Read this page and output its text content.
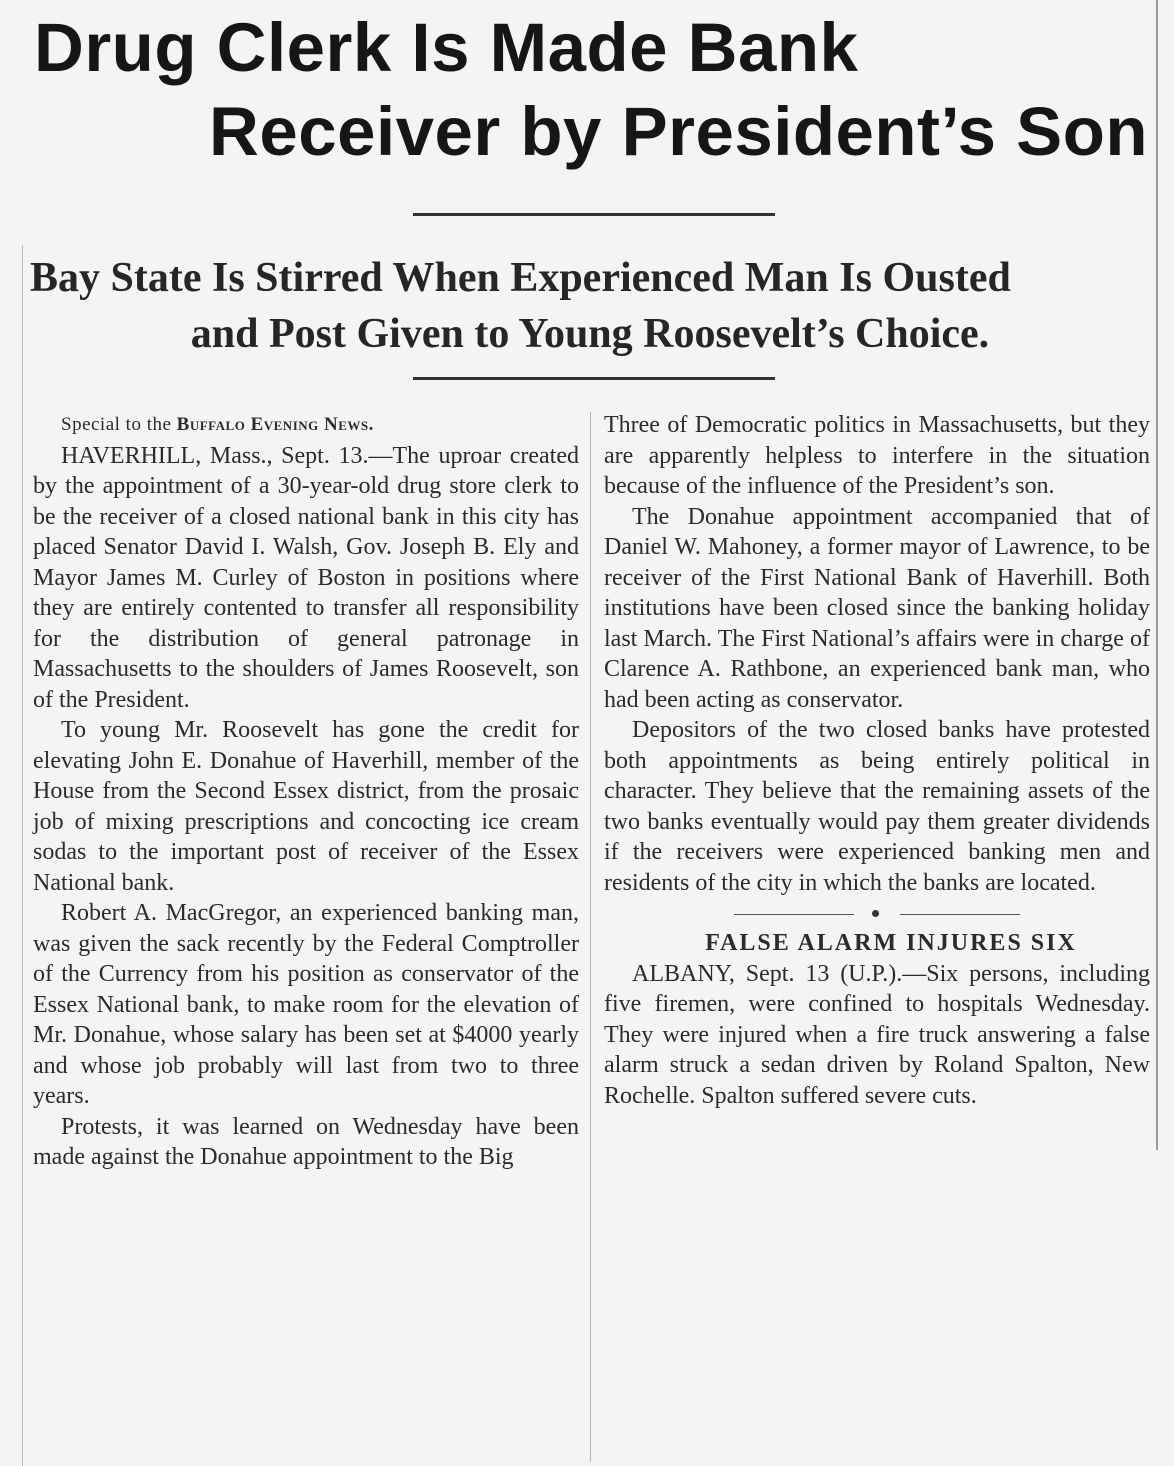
Drug Clerk Is Made Bank
Receiver by President’s Son
Bay State Is Stirred When Experienced Man Is Ousted
and Post Given to Young Roosevelt’s Choice.

Special to the Buffalo Evening News.

HAVERHILL, Mass., Sept. 13.—The uproar created by the appointment of a 30-year-old drug store clerk to be the receiver of a closed national bank in this city has placed Senator David I. Walsh, Gov. Joseph B. Ely and Mayor James M. Curley of Boston in positions where they are entirely contented to transfer all responsibility for the distribution of general patronage in Massachusetts to the shoulders of James Roosevelt, son of the President.

To young Mr. Roosevelt has gone the credit for elevating John E. Donahue of Haverhill, member of the House from the Second Essex district, from the prosaic job of mixing prescriptions and concocting ice cream sodas to the important post of receiver of the Essex National bank.

Robert A. MacGregor, an experienced banking man, was given the sack recently by the Federal Comptroller of the Currency from his position as conservator of the Essex National bank, to make room for the elevation of Mr. Donahue, whose salary has been set at $4000 yearly and whose job probably will last from two to three years.

Protests, it was learned on Wednesday have been made against the Donahue appointment to the Big

Three of Democratic politics in Massachusetts, but they are apparently helpless to interfere in the situation because of the influence of the President’s son.

The Donahue appointment accompanied that of Daniel W. Mahoney, a former mayor of Lawrence, to be receiver of the First National Bank of Haverhill. Both institutions have been closed since the banking holiday last March. The First National’s affairs were in charge of Clarence A. Rathbone, an experienced bank man, who had been acting as conservator.

Depositors of the two closed banks have protested both appointments as being entirely political in character. They believe that the remaining assets of the two banks eventually would pay them greater dividends if the receivers were experienced banking men and residents of the city in which the banks are located.

FALSE ALARM INJURES SIX

ALBANY, Sept. 13 (U.P.).—Six persons, including five firemen, were confined to hospitals Wednesday. They were injured when a fire truck answering a false alarm struck a sedan driven by Roland Spalton, New Rochelle. Spalton suffered severe cuts.
